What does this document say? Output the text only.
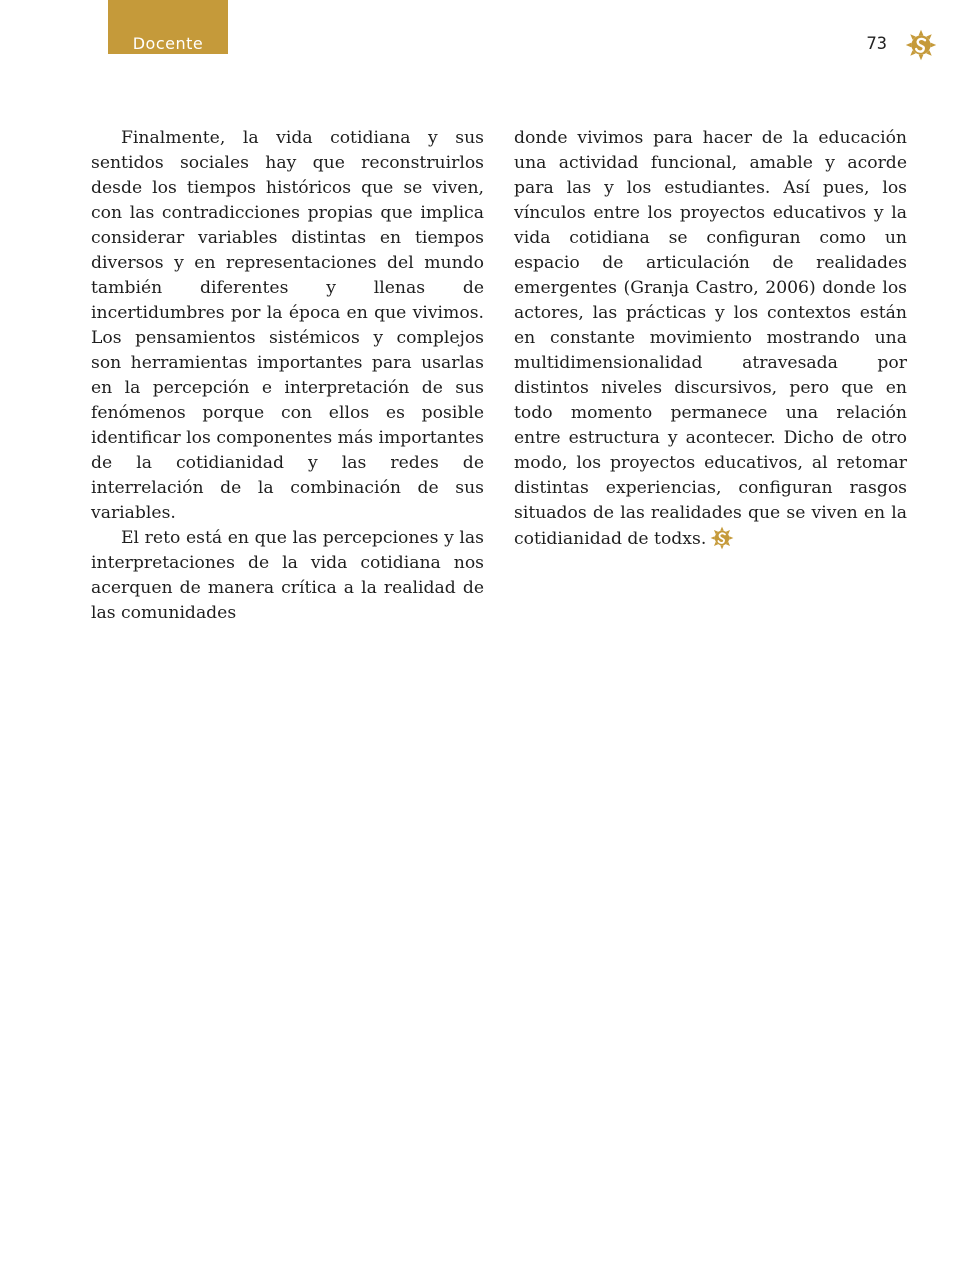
Docente	73

Finalmente, la vida cotidiana y sus sentidos sociales hay que reconstruirlos desde los tiempos históricos que se viven, con las contradicciones propias que implica considerar variables distintas en tiempos diversos y en representaciones del mundo también diferentes y llenas de incertidumbres por la época en que vivimos. Los pensamientos sistémicos y complejos son herramientas importantes para usarlas en la percepción e interpretación de sus fenómenos porque con ellos es posible identificar los componentes más importantes de la cotidianidad y las redes de interrelación de la combinación de sus variables.

El reto está en que las percepciones y las interpretaciones de la vida cotidiana nos acerquen de manera crítica a la realidad de las comunidades

donde vivimos para hacer de la educación una actividad funcional, amable y acorde para las y los estudiantes. Así pues, los vínculos entre los proyectos educativos y la vida cotidiana se configuran como un espacio de articulación de realidades emergentes (Granja Castro, 2006) donde los actores, las prácticas y los contextos están en constante movimiento mostrando una multidimensionalidad atravesada por distintos niveles discursivos, pero que en todo momento permanece una relación entre estructura y acontecer. Dicho de otro modo, los proyectos educativos, al retomar distintas experiencias, configuran rasgos situados de las realidades que se viven en la cotidianidad de todxs.
